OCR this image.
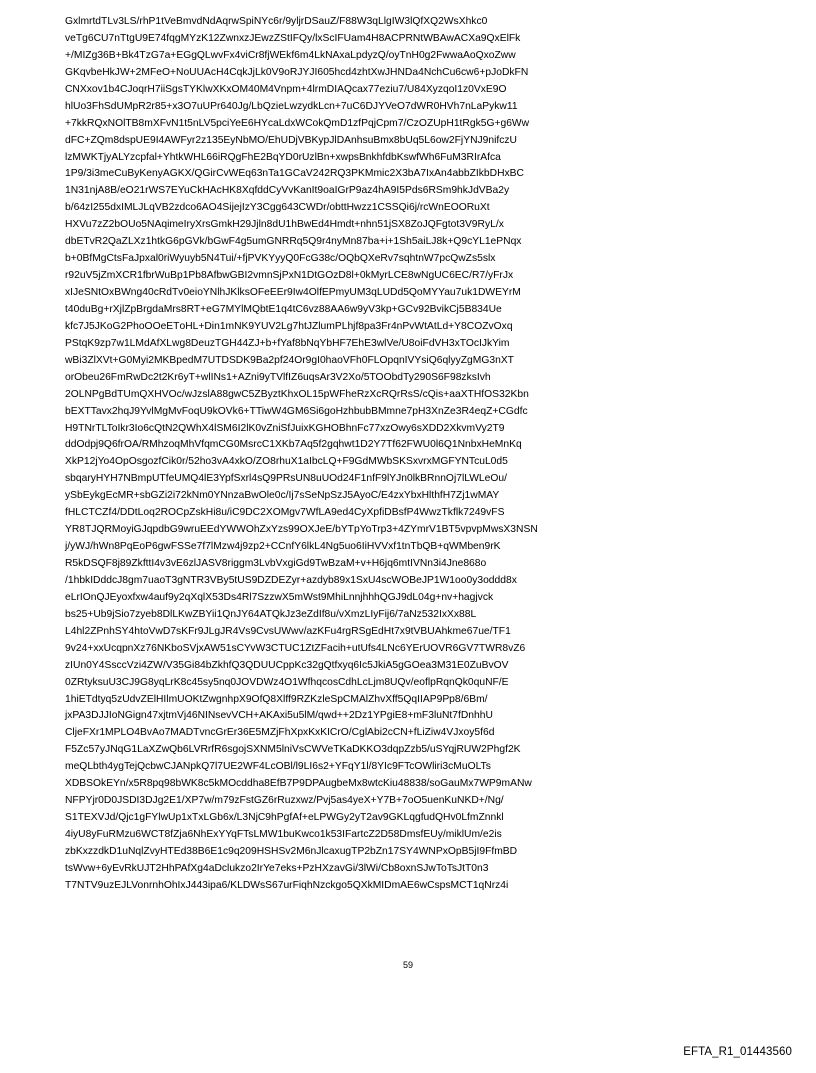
GxlmrtdTLv3LS/rhP1tVeBmvdNdAqrwSpiNYc6r/9yljrDSauZ/F88W3qLlgIW3lQfXQ2WsXhkc0
veTg6CU7nTtgU9E74fqgMYzK12ZwnxzJEwzZStIFQy/lxScIFUam4H8ACPRNtWBAwACXa9QxElFk
+/MIZg36B+Bk4TzG7a+EGgQLwvFx4viCr8fjWEkf6m4LkNAxaLpdyzQ/oyTnH0g2FwwaAoQxoZww
GKqvbeHkJW+2MFeO+NoUUAcH4CqkJjLk0V9oRJYJI605hcd4zhtXwJHNDa4NchCu6cw6+pJoDkFN
CNXxov1b4CJoqrH7iiSgsTYKlwXKxOM40M4Vnpm+4lrmDIAQcax77eziu7/U84XyzqoI1z0VxE9O
hlUo3FhSdUMpR2r85+x3O7uUPr640Jg/LbQzieLwzydkLcn+7uC6DJYVeO7dWR0HVh7nLaPykw11
+7kkRQxNOlTB8mXFvN1t5nLV5pciYeE6HYcaLdxWCokQmD1zfPqjCpm7/CzOZUpH1tRgk5G+g6Ww
dFC+ZQm8dspUE9I4AWFyr2z135EyNbMO/EhUDjVBKypJlDAnhsuBmx8bUq5L6ow2FjYNJ9nifczU
lzMWKTjyALYzcpfal+YhtkWHL66iRQgFhE2BqYD0rUzlBn+xwpsBnkhfdbKswfWh6FuM3RIrAfca
1P9/3i3meCuByKenyAGKX/QGirCvWEq63nTa1GCaV242RQ3PKMmic2X3bA7IxAn4abbZIkbDHxBC
1N31njA8B/eO21rWS7EYuCkHAcHK8XqfddCyVvKanIt9oaIGrP9az4hA9I5Pds6RSm9hkJdVBa2y
b/64zI255dxIMLJLqVB2zdco6AO4SijejIzY3Cgg643CWDr/obttHwzz1CSSQi6j/rcWnEOORuXt
HXVu7zZ2bOUo5NAqimeIryXrsGmkH29Jjln8dU1hBwEd4Hmdt+nhn51jSX8ZoJQFgtot3V9RyL/x
dbEТvR2QaZLXz1htkG6pGVk/bGwF4g5umGNRRq5Q9r4nyMn87ba+i+1Sh5aiLJ8k+Q9cYL1ePNqx
b+0BfMgCtsFaJpxal0riWyuyb5N4Tui/+fjPVKYyyQ0FcG38c/OQbQXeRv7sqhtnW7pcQwZs5slx
r92uV5jZmXCR1fbrWuBp1Pb8AfbwGBI2vmnSjPxN1DtGOzD8l+0kMyrLCE8wNgUC6EC/R7/yFrJx
xIJeSNtOxBWng40cRdTv0eioYNlhJKlksOFeEEr9Iw4OlfEPmyUM3qLUDd5QoMYYau7uk1DWEYrM
t40duBg+rXjlZpBrgdaMrs8RT+eG7MYlMQbtE1q4tC6vz88AA6w9yV3kp+GCv92BvikCj5B834Ue
kfc7J5JKoG2PhoOOeETоHL+Din1mNK9YUV2Lg7htJZlumPLhjf8pa3Fr4nPvWtAtLd+Y8COZvOxq
PStqK9zp7w1LMdAfXLwg8DeuzTGH44ZJ+b+fYaf8bNqYbHF7EhE3wlVe/U8oiFdVH3xTOcIJkYim
wBi3ZlXVt+G0Myi2MKBpedM7UTDSDK9Ba2pf24Or9gI0haoVFh0FLOpqnIVYsiQ6qlyyZgMG3nXT
orObeu26FmRwDc2t2Kr6yT+wlINs1+AZni9yTVlfIZ6uqsAr3V2Xo/5TOObdTy290S6F98zksIvh
2OLNPgBdTUmQXHVOc/wJzslA88gwC5ZByztKhxOL15pWFheRzXcRQrRsS/cQis+aaXTHfOS32Kbn
bEXTTavx2hqJ9YvlMgMvFoqU9kOVk6+TTiwW4GM6Si6goHzhbubBMmne7pH3XnZe3R4eqZ+CGdfc
H9TNrTLToIkr3Io6cQtN2QWhX4lSM6I2lK0vZniSfJuixKGHOBhnFc77xzOwy6sXDD2XkvmVy2T9
ddOdpj9Q6frOA/RMhzoqMhVfqmCG0MsrcC1XKb7Aq5f2gqhwt1D2Y7Tf62FWU0l6Q1NnbxHeMnKq
XkP12jYo4OpOsgozfCik0r/52ho3vA4xkO/ZO8rhuX1aIbcLQ+F9GdMWbSKSxvrxMGFYNTcuL0d5
sbqaryHYH7NBmpUTfeUMQ4lE3YpfSxrl4sQ9PRsUN8uUOd24F1nfF9lYJn0lkBRnnOj7lLWLeOu/
ySbEykgEcMR+sbGZi2i72kNm0YNnzaBwOle0c/Ij7sSeNpSzJ5AyoC/E4zxYbxHlthfH7Zj1wMAY
fHLCTCZf4/DDtLoq2ROCpZskHi8u/iC9DC2XOMgv7WfLA9ed4CyXpfiDBsfP4WwzTkflk7249vFS
YR8TJQRMoyiGJqpdbG9wruEEdYWWOhZxYzs99OXJeE/bYTpYoTrp3+4ZYmrV1BT5vpvpMwsX3NSN
j/yWJ/hWn8PqEoP6gwFSSe7f7lMzw4j9zp2+CCnfY6lkL4Ng5uo6IiHVVxf1tnTbQB+qWMben9rK
R5kDSQF8j89ZkfttI4v3vE6zlJASV8riggm3LvbVxgiGd9TwBzaM+v+H6jq6mtIVNn3i4Jne868o
/1hbkIDddcJ8gm7uaoT3gNTR3VBy5tUS9DZDEZyr+azdyb89x1SxU4scWOBeJP1W1oo0y3oddd8x
eLrIOnQJEyoxfxw4auf9y2qXqlX53Ds4Rl7SzzwX5mWst9MhiLnnjhhhQGJ9dL04g+nv+hagjvck
bs25+Ub9jSio7zyeb8DlLKwZBYii1QnJY64ATQkJz3eZdIf8u/vXmzLIyFij6/7aNz532IxXx88L
L4hl2ZPnhSY4htoVwD7sKFr9JLgJR4Vs9CvsUWwv/azKFu4rgRSgEdHt7x9tVBUAhkme67ue/TF1
9v24+xxUcqpnXz76NKboSVjxAW51sCYvW3CTUC1ZtZFacih+utUfs4LNc6YErUOVR6GV7TWR8vZ6
zIUn0Y4SsccVzi4ZW/V35Gi84bZkhfQ3QDUUCppKc32gQtfxyq6Ic5JkiA5gGOea3M31E0ZuBvOV
0ZRtyksuU3CJ9G8yqLrK8c45sy5nq0JOVDWz4O1WfhqcosCdhLcLjm8UQv/eoflpRqnQk0quNF/E
1hiETdtyq5zUdvZElHIlmUOKtZwgnhpX9OfQ8Xlff9RZKzleSpCMAlZhvXff5QqIIAP9Pp8/6Bm/
jxPA3DJJIoNGign47xjtmVj46NINsevVCH+AKAxi5u5lM/qwd++2Dz1YPgiE8+mF3luNt7fDnhhU
CljeFXr1MPLO4BvAo7MADTvncGrEr36E5MZjFhXpxKxKICrO/CglAbi2cCN+fLiZiw4VJxoy5f6d
F5Zc57yJNqG1LaXZwQb6LVRrfR6sgojSXNM5lniVsCWVeTKaDKKO3dqpZzb5/uSYqjRUW2Phgf2K
meQLbth4ygTejQcbwCJANpkQ7l7UE2WF4LcOBl/l9LI6s2+YFqY1l/8YIc9FTcOWliri3cMuOLTs
XDBSOkEYn/x5R8pq98bWK8c5kMOcddha8EfB7P9DPAugbeMx8wtcKiu48838/soGauMx7WP9mANw
NFPYjr0D0JSDI3DJg2E1/XP7w/m79zFstGZ6rRuzxwz/Pvj5as4yeX+Y7B+7oO5uenKuNKD+/Ng/
S1TEXVJd/Qjc1gFYlwUp1xTxLGb6x/L3NjC9hPgfAf+eLPWGy2yT2av9GKLqgfudQHv0LfmZnnkl
4iyU8yFuRMzu6WCT8fZja6NhExYYqFTsLMW1buKwco1k53IFartcZ2D58DmsfEUy/miklUm/e2is
zbKxzzdkD1uNqlZvyHTEd38B6E1c9q209HSHSv2M6nJlcaxugTP2bZn17SY4WNPxOpB5jI9FfmBD
tsWvw+6yEvRkUJT2HhPAfXg4aDclukzo2IrYe7eks+PzHXzavGi/3lWi/Cb8oxnSJwToTsJtT0n3
T7NTV9uzEJLVonrnhOhIxJ443ipa6/KLDWsS67urFiqhNzckgo5QXkMIDmAE6wCspsMCT1qNrz4i
59
EFTA_R1_01443560
